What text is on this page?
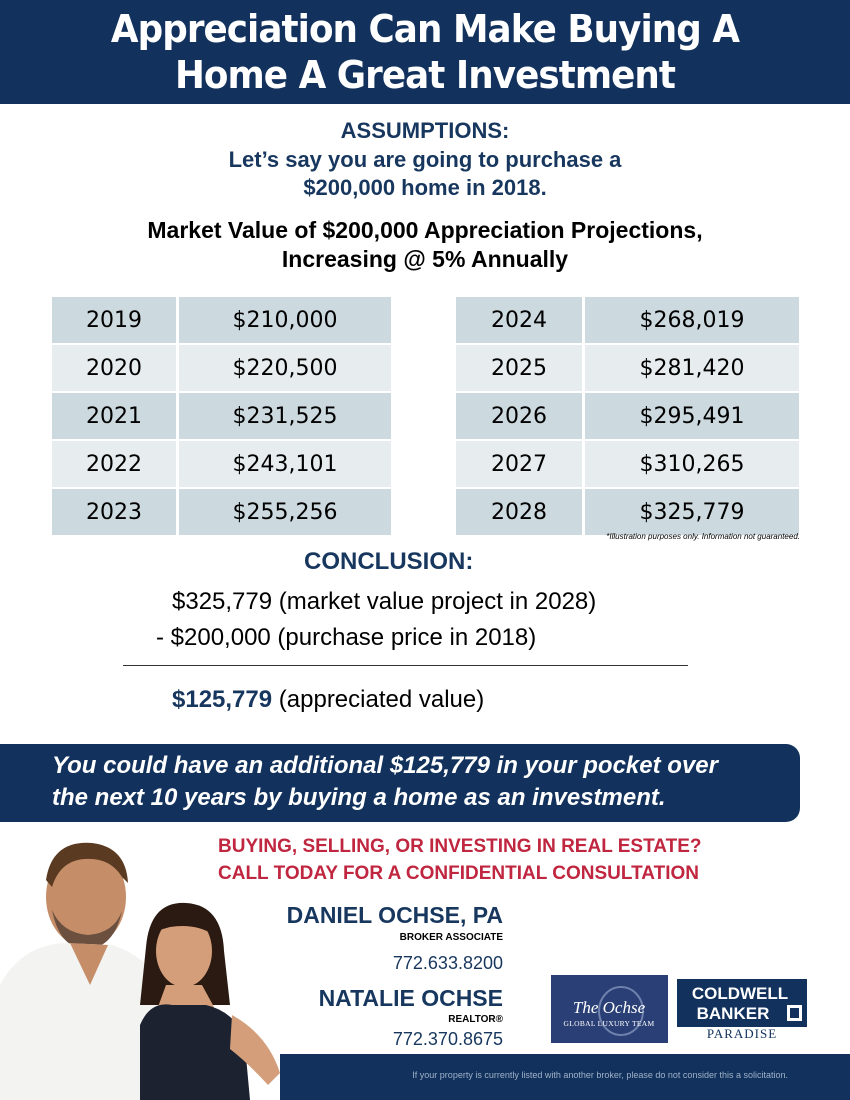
Appreciation Can Make Buying A
Home A Great Investment
ASSUMPTIONS:
Let’s say you are going to purchase a
$200,000 home in 2018.
Market Value of $200,000 Appreciation Projections,
Increasing @ 5% Annually
2019	$210,000
2020	$220,500
2021	$231,525
2022	$243,101
2023	$255,256
2024	$268,019
2025	$281,420
2026	$295,491
2027	$310,265
2028	$325,779
*Illustration purposes only. Information not guaranteed.
CONCLUSION:
$325,779 (market value project in 2028)
- $200,000 (purchase price in 2018)
$125,779 (appreciated value)
You could have an additional $125,779 in your pocket over
the next 10 years by buying a home as an investment.
BUYING, SELLING, OR INVESTING IN REAL ESTATE?
CALL TODAY FOR A CONFIDENTIAL CONSULTATION
DANIEL OCHSE, PA
BROKER ASSOCIATE
772.633.8200
NATALIE OCHSE
REALTOR®
772.370.8675
If your property is currently listed with another broker, please do not consider this a solicitation.
The Ochse
GLOBAL LUXURY TEAM
COLDWELL
BANKER
PARADISE
